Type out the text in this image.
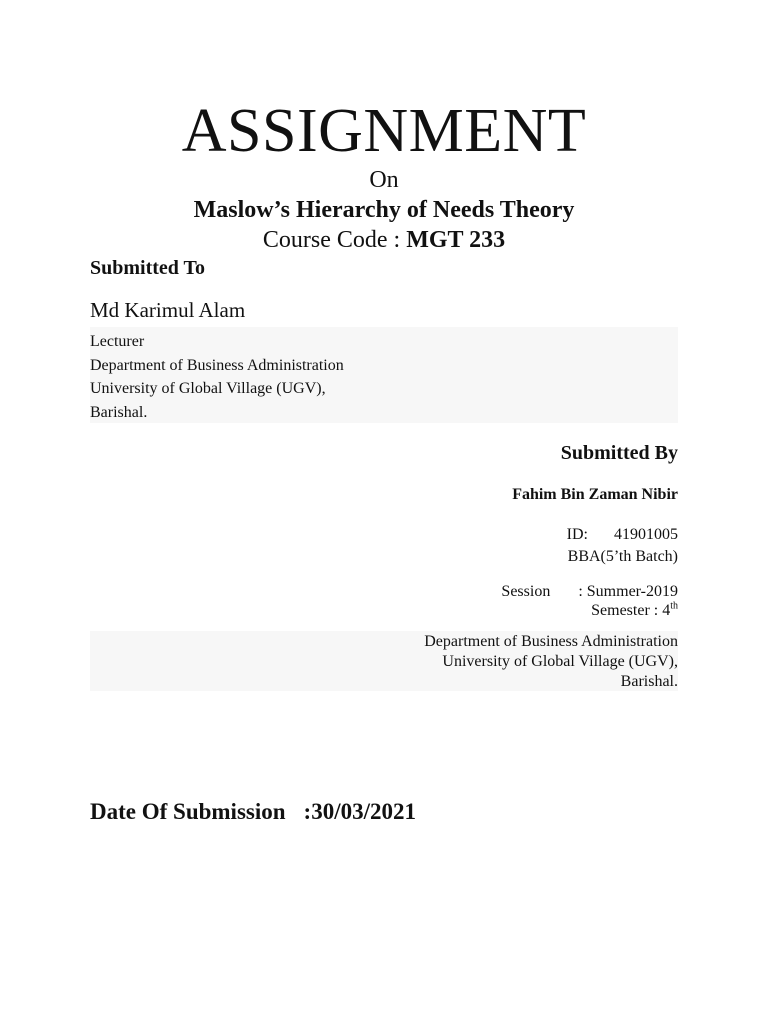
ASSIGNMENT
On
Maslow’s Hierarchy of Needs Theory
Course Code : MGT 233
Submitted To
Md Karimul Alam
Lecturer
Department of Business Administration
University of Global Village (UGV),
Barishal.
Submitted By
Fahim Bin Zaman Nibir
ID: 41901005
BBA(5’th Batch)
Session : Summer-2019
Semester : 4th
Department of Business Administration
University of Global Village (UGV),
Barishal.
Date Of Submission :30/03/2021
